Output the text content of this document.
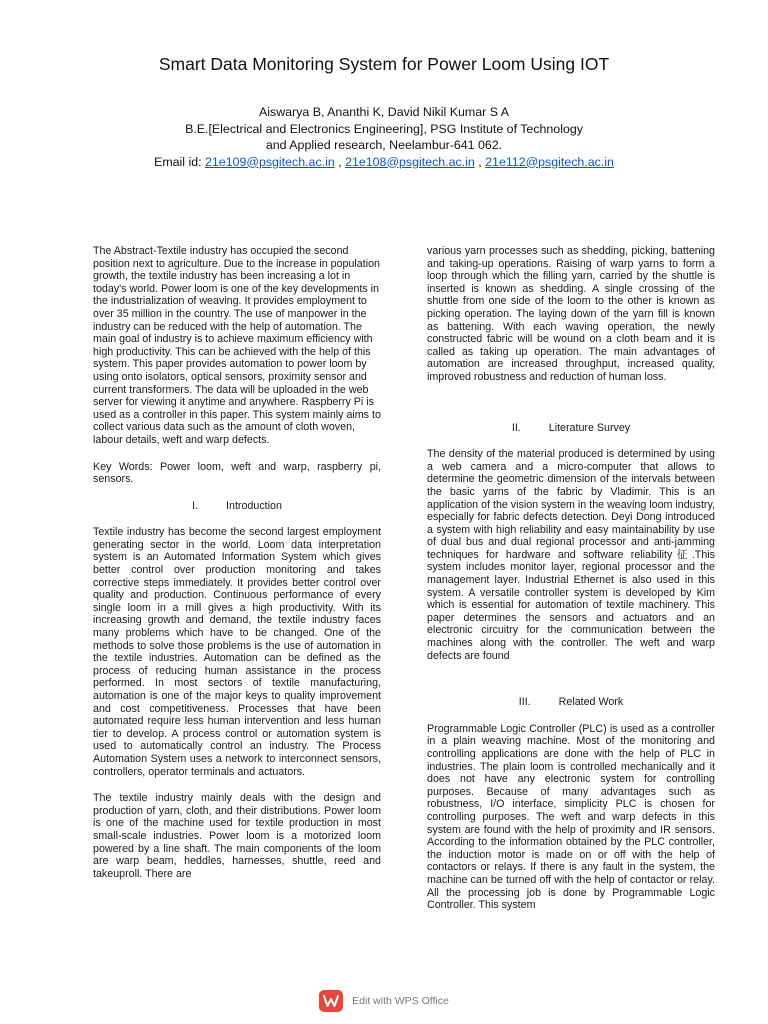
Smart Data Monitoring System for Power Loom Using IOT
Aiswarya B, Ananthi K, David Nikil Kumar S A
B.E.[Electrical and Electronics Engineering], PSG Institute of Technology
and Applied research, Neelambur-641 062.
Email id: 21e109@psgitech.ac.in , 21e108@psgitech.ac.in , 21e112@psgitech.ac.in

The Abstract-Textile industry has occupied the second position next to agriculture. Due to the increase in population growth, the textile industry has been increasing a lot in today's world. Power loom is one of the key developments in the industrialization of weaving. It provides employment to over 35 million in the country. The use of manpower in the industry can be reduced with the help of automation. The main goal of industry is to achieve maximum efficiency with high productivity. This can be achieved with the help of this system. This paper provides automation to power loom by using onto isolators, optical sensors, proximity sensor and current transformers. The data will be uploaded in the web server for viewing it anytime and anywhere. Raspberry Pi is used as a controller in this paper. This system mainly aims to collect various data such as the amount of cloth woven, labour details, weft and warp defects.

Key Words: Power loom, weft and warp, raspberry pi, sensors.

I.	Introduction

Textile industry has become the second largest employment generating sector in the world. Loom data interpretation system is an Automated Information System which gives better control over production monitoring and takes corrective steps immediately. It provides better control over quality and production. Continuous performance of every single loom in a mill gives a high productivity. With its increasing growth and demand, the textile industry faces many problems which have to be changed. One of the methods to solve those problems is the use of automation in the textile industries. Automation can be defined as the process of reducing human assistance in the process performed. In most sectors of textile manufacturing, automation is one of the major keys to quality improvement and cost competitiveness. Processes that have been automated require less human intervention and less human tier to develop. A process control or automation system is used to automatically control an industry. The Process Automation System uses a network to interconnect sensors, controllers, operator terminals and actuators.

The textile industry mainly deals with the design and production of yarn, cloth, and their distributions. Power loom is one of the machine used for textile production in most small-scale industries. Power loom is a motorized loom powered by a line shaft. The main components of the loom are warp beam, heddles, harnesses, shuttle, reed and takeuproll. There are

various yarn processes such as shedding, picking, battening and taking-up operations. Raising of warp yarns to form a loop through which the filling yarn, carried by the shuttle is inserted is known as shedding. A single crossing of the shuttle from one side of the loom to the other is known as picking operation. The laying down of the yarn fill is known as battening. With each waving operation, the newly constructed fabric will be wound on a cloth beam and it is called as taking up operation. The main advantages of automation are increased throughput, increased quality, improved robustness and reduction of human loss.

II.	Literature Survey

The density of the material produced is determined by using a web camera and a micro-computer that allows to determine the geometric dimension of the intervals between the basic yarns of the fabric by Vladimir. This is an application of the vision system in the weaving loom industry, especially for fabric defects detection. Deyi Dong introduced a system with high reliability and easy maintainability by use of dual bus and dual regional processor and anti-jamming techniques for hardware and software reliability征.This system includes monitor layer, regional processor and the management layer. Industrial Ethernet is also used in this system. A versatile controller system is developed by Kim which is essential for automation of textile machinery. This paper determines the sensors and actuators and an electronic circuitry for the communication between the machines along with the controller. The weft and warp defects are found

III.	Related Work

Programmable Logic Controller (PLC) is used as a controller in a plain weaving machine. Most of the monitoring and controlling applications are done with the help of PLC in industries. The plain loom is controlled mechanically and it does not have any electronic system for controlling purposes. Because of many advantages such as robustness, I/O interface, simplicity PLC is chosen for controlling purposes. The weft and warp defects in this system are found with the help of proximity and IR sensors. According to the information obtained by the PLC controller, the induction motor is made on or off with the help of contactors or relays. If there is any fault in the system, the machine can be turned off with the help of contactor or relay. All the processing job is done by Programmable Logic Controller. This system

Edit with WPS Office
